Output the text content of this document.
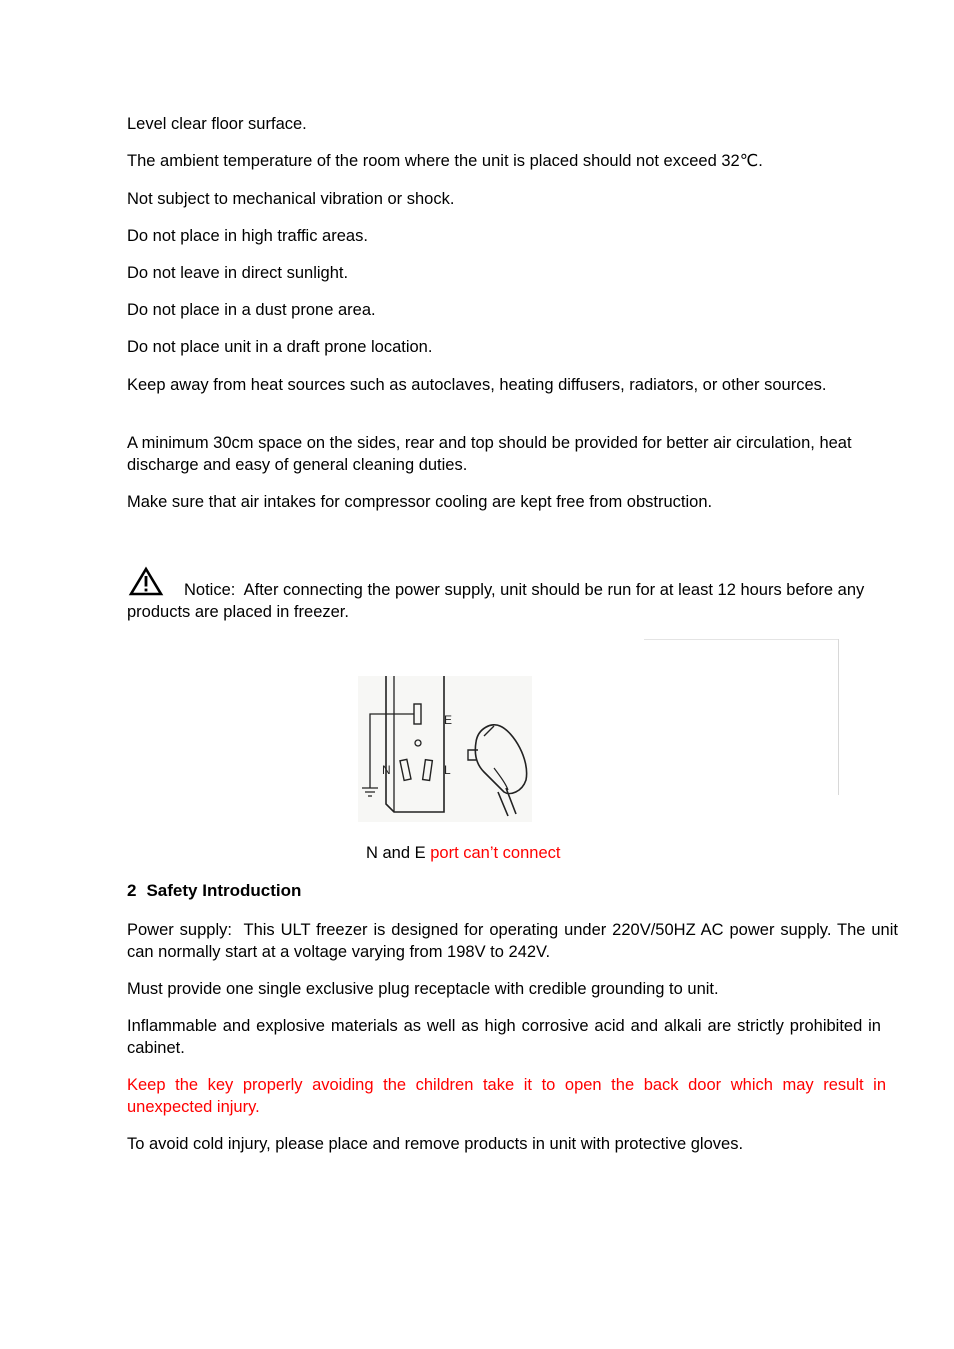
Level clear floor surface.

The ambient temperature of the room where the unit is placed should not exceed 32℃.

Not subject to mechanical vibration or shock.

Do not place in high traffic areas.

Do not leave in direct sunlight.

Do not place in a dust prone area.

Do not place unit in a draft prone location.

Keep away from heat sources such as autoclaves, heating diffusers, radiators, or other sources.

A minimum 30cm space on the sides, rear and top should be provided for better air circulation, heat discharge and easy of general cleaning duties.

Make sure that air intakes for compressor cooling are kept free from obstruction.

Notice: After connecting the power supply, unit should be run for at least 12 hours before any products are placed in freezer.

E
N	L

N and E port can’t connect

2 Safety Introduction

Power supply: This ULT freezer is designed for operating under 220V/50HZ AC power supply. The unit can normally start at a voltage varying from 198V to 242V.

Must provide one single exclusive plug receptacle with credible grounding to unit.

Inflammable and explosive materials as well as high corrosive acid and alkali are strictly prohibited in cabinet.

Keep the key properly avoiding the children take it to open the back door which may result in unexpected injury.

To avoid cold injury, please place and remove products in unit with protective gloves.
